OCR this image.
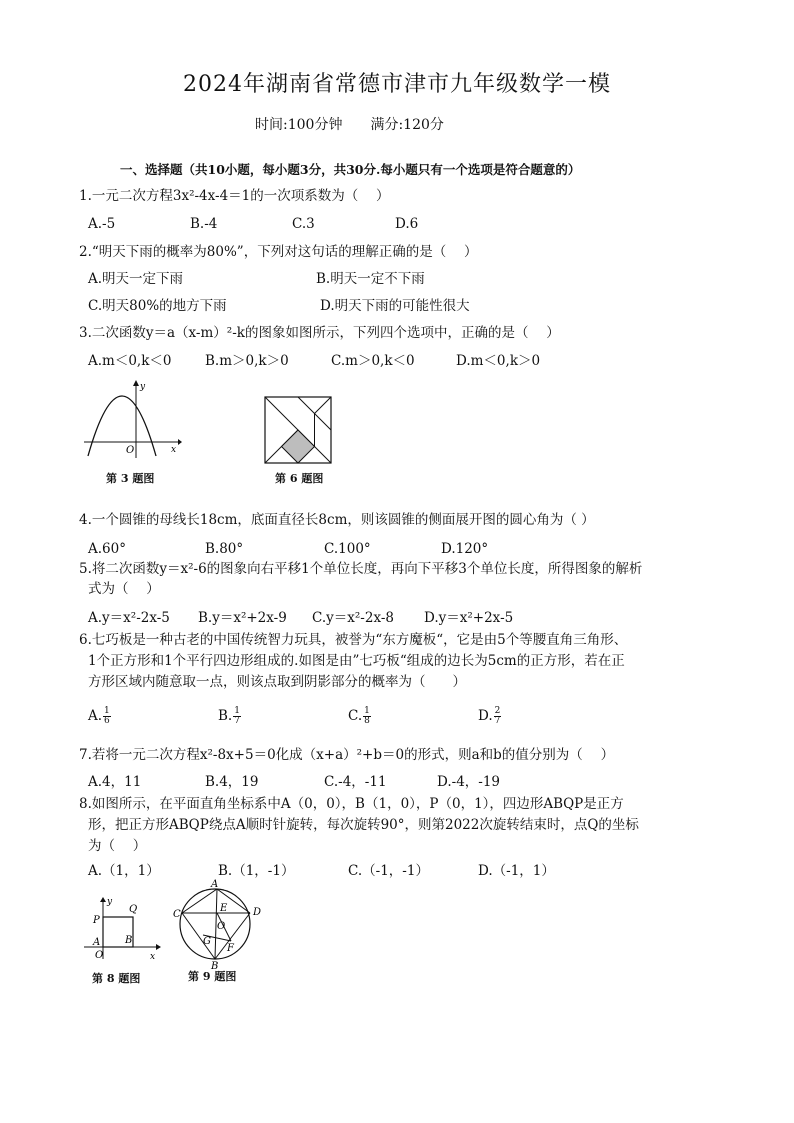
2024年湖南省常德市津市九年级数学一模
时间:100分钟 满分:120分
一、选择题（共10小题，每小题3分，共30分.每小题只有一个选项是符合题意的）
1.一元二次方程3x²-4x-4＝1的一次项系数为（　 ）
A.-5	B.-4	C.3	D.6
2.“明天下雨的概率为80%”，下列对这句话的理解正确的是（　 ）
A.明天一定下雨	B.明天一定不下雨
C.明天80%的地方下雨	D.明天下雨的可能性很大
3.二次函数y＝a（x-m）²-k的图象如图所示，下列四个选项中，正确的是（　 ）
A.m＜0,k＜0 B.m＞0,k＞0	C.m＞0,k＜0	D.m＜0,k＞0
y
O	x
第 3 题图	第 6 题图
4.一个圆锥的母线长18cm，底面直径长8cm，则该圆锥的侧面展开图的圆心角为（ ）
A.60°	B.80°	C.100°	D.120°
5.将二次函数y＝x²-6的图象向右平移1个单位长度，再向下平移3个单位长度，所得图象的解析
式为（　 ）
A.y＝x²-2x-5 B.y＝x²+2x-9 C.y＝x²-2x-8 D.y＝x²+2x-5
6.七巧板是一种古老的中国传统智力玩具，被誉为“东方魔板“，它是由5个等腰直角三角形、
1个正方形和1个平行四边形组成的.如图是由”七巧板“组成的边长为5cm的正方形，若在正
方形区域内随意取一点，则该点取到阴影部分的概率为（　　）
A. $\frac{1}{6}$	B. $\frac{1}{7}$	C. $\frac{1}{8}$	D. $\frac{2}{7}$
7.若将一元二次方程x²-8x+5＝0化成（x+a）²+b＝0的形式，则a和b的值分别为（　 ）
A.4，11	B.4，19	C.-4，-11	D.-4，-19
8.如图所示，在平面直角坐标系中A（0，0），B（1，0），P（0，1），四边形ABQP是正方
形，把正方形ABQP绕点A顺时针旋转，每次旋转90°，则第2022次旋转结束时，点Q的坐标
为（　 ）
A.（1，1）	B.（1，-1）	C.（-1，-1）	D.（-1，1）
y
P
Q
A B
O	x
第 8 题图
A
C	D
E
O
G
F
B
第 9 题图
